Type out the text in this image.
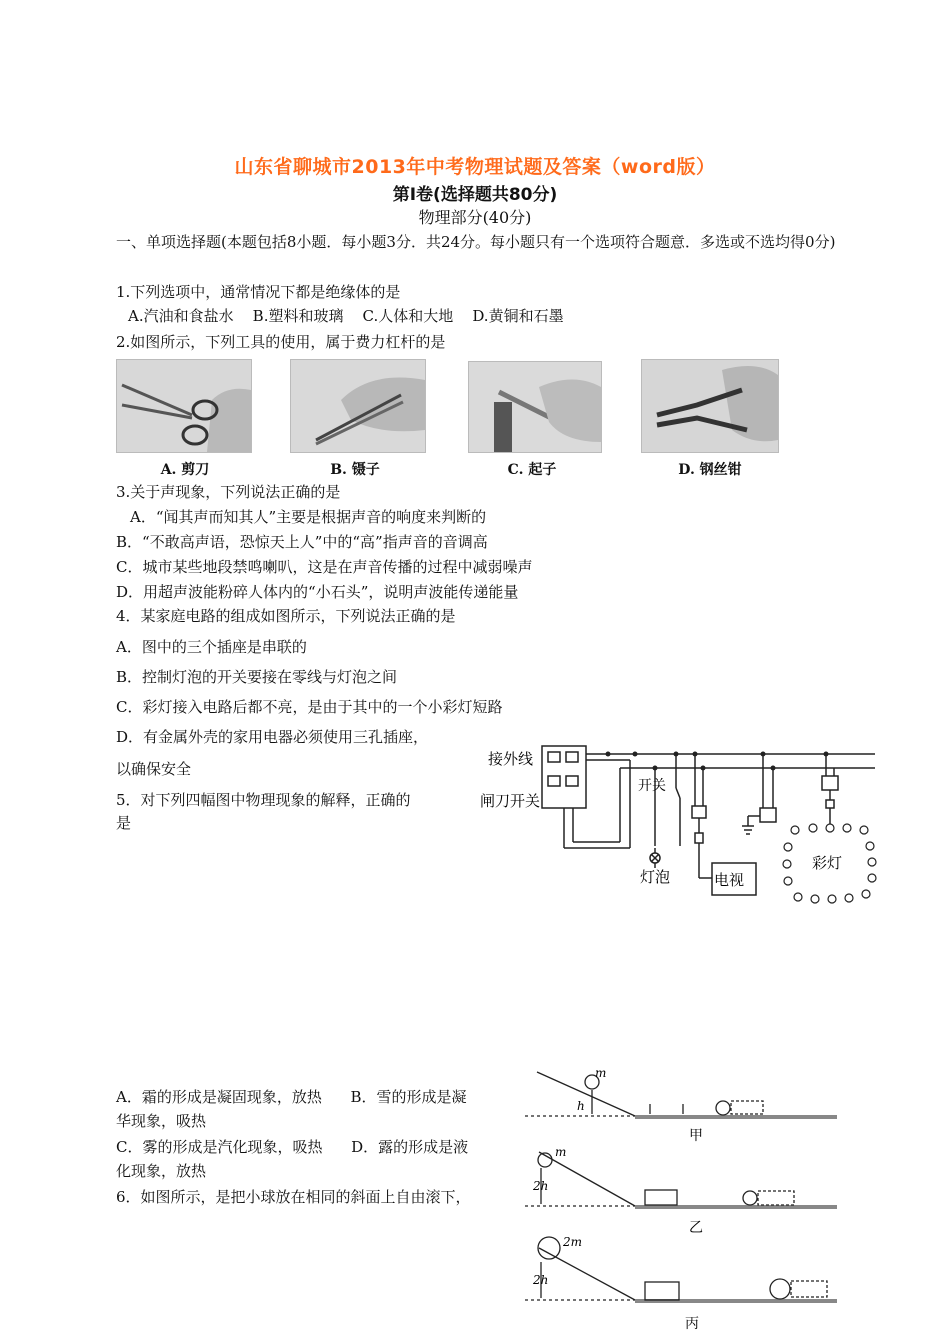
山东省聊城市2013年中考物理试题及答案（word版）
第Ⅰ卷(选择题共80分)
物理部分(40分)
一、单项选择题(本题包括8小题．每小题3分．共24分。每小题只有一个选项符合题意．多选或不选均得0分)
1.下列选项中，通常情况下都是绝缘体的是
A.汽油和食盐水    B.塑料和玻璃    C.人体和大地    D.黄铜和石墨
2.如图所示，下列工具的使用，属于费力杠杆的是
A. 剪刀	B. 镊子	C. 起子	D. 钢丝钳
3.关于声现象，下列说法正确的是
A．“闻其声而知其人”主要是根据声音的响度来判断的
B．“不敢高声语，恐惊天上人”中的“高”指声音的音调高
C．城市某些地段禁鸣喇叭，这是在声音传播的过程中减弱噪声
D．用超声波能粉碎人体内的“小石头”，说明声波能传递能量
4．某家庭电路的组成如图所示，下列说法正确的是
A．图中的三个插座是串联的
B．控制灯泡的开关要接在零线与灯泡之间
C．彩灯接入电路后都不亮，是由于其中的一个小彩灯短路
D．有金属外壳的家用电器必须使用三孔插座，
以确保安全
5．对下列四幅图中物理现象的解释，正确的
是
接外线
闸刀开关
开关
灯泡	电视
彩灯
A．霜的形成是凝固现象，放热      B．雪的形成是凝
华现象，吸热
C．雾的形成是汽化现象，吸热      D．露的形成是液
化现象，放热
6．如图所示，是把小球放在相同的斜面上自由滚下，
m
h
甲
m
2h
乙
2m
2h
丙
